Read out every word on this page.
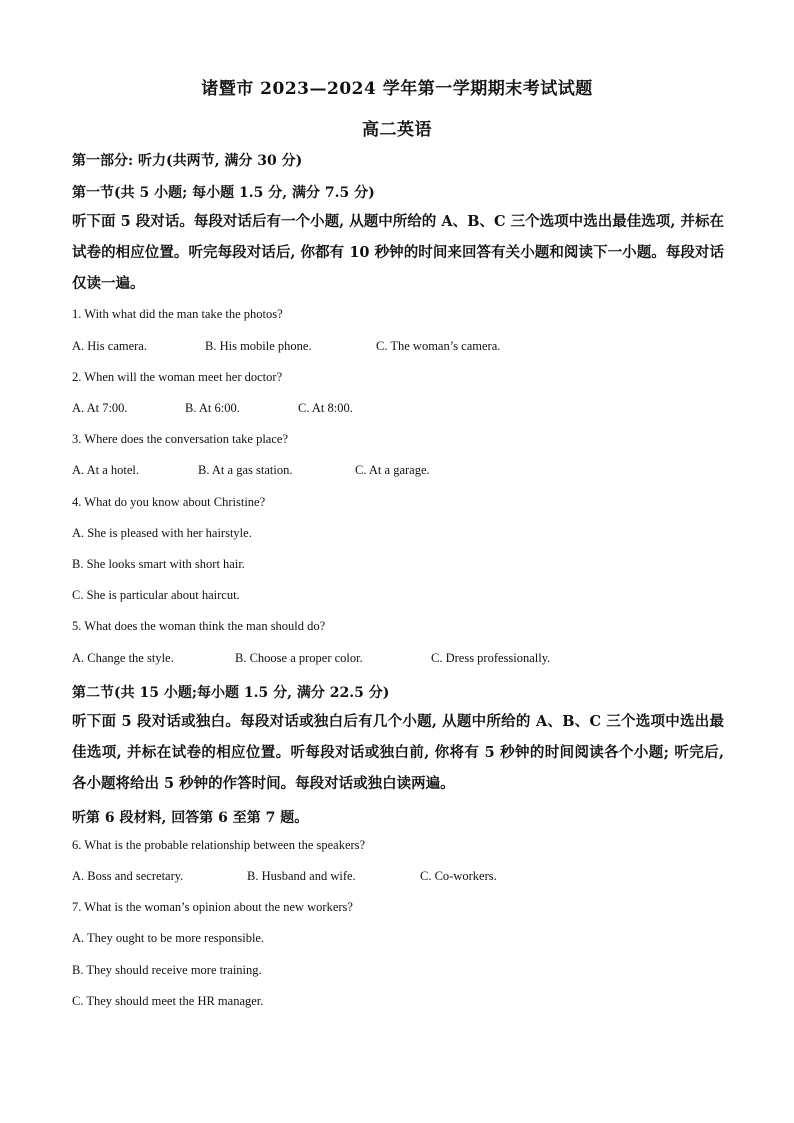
诸暨市 2023—2024 学年第一学期期末考试试题
高二英语
第一部分: 听力(共两节, 满分 30 分)
第一节(共 5 小题; 每小题 1.5 分, 满分 7.5 分)
听下面 5 段对话。每段对话后有一个小题, 从题中所给的 A、B、C 三个选项中选出最佳选项, 并标在试卷的相应位置。听完每段对话后, 你都有 10 秒钟的时间来回答有关小题和阅读下一小题。每段对话仅读一遍。
1. With what did the man take the photos?
A. His camera.	B. His mobile phone.	C. The woman’s camera.
2. When will the woman meet her doctor?
A. At 7:00.	B. At 6:00.	C. At 8:00.
3. Where does the conversation take place?
A. At a hotel.	B. At a gas station.	C. At a garage.
4. What do you know about Christine?
A. She is pleased with her hairstyle.
B. She looks smart with short hair.
C. She is particular about haircut.
5. What does the woman think the man should do?
A. Change the style.	B. Choose a proper color.	C. Dress professionally.
第二节(共 15 小题;每小题 1.5 分, 满分 22.5 分)
听下面 5 段对话或独白。每段对话或独白后有几个小题, 从题中所给的 A、B、C 三个选项中选出最佳选项, 并标在试卷的相应位置。听每段对话或独白前, 你将有 5 秒钟的时间阅读各个小题; 听完后, 各小题将给出 5 秒钟的作答时间。每段对话或独白读两遍。
听第 6 段材料, 回答第 6 至第 7 题。
6. What is the probable relationship between the speakers?
A. Boss and secretary.	B. Husband and wife.	C. Co-workers.
7. What is the woman’s opinion about the new workers?
A. They ought to be more responsible.
B. They should receive more training.
C. They should meet the HR manager.
